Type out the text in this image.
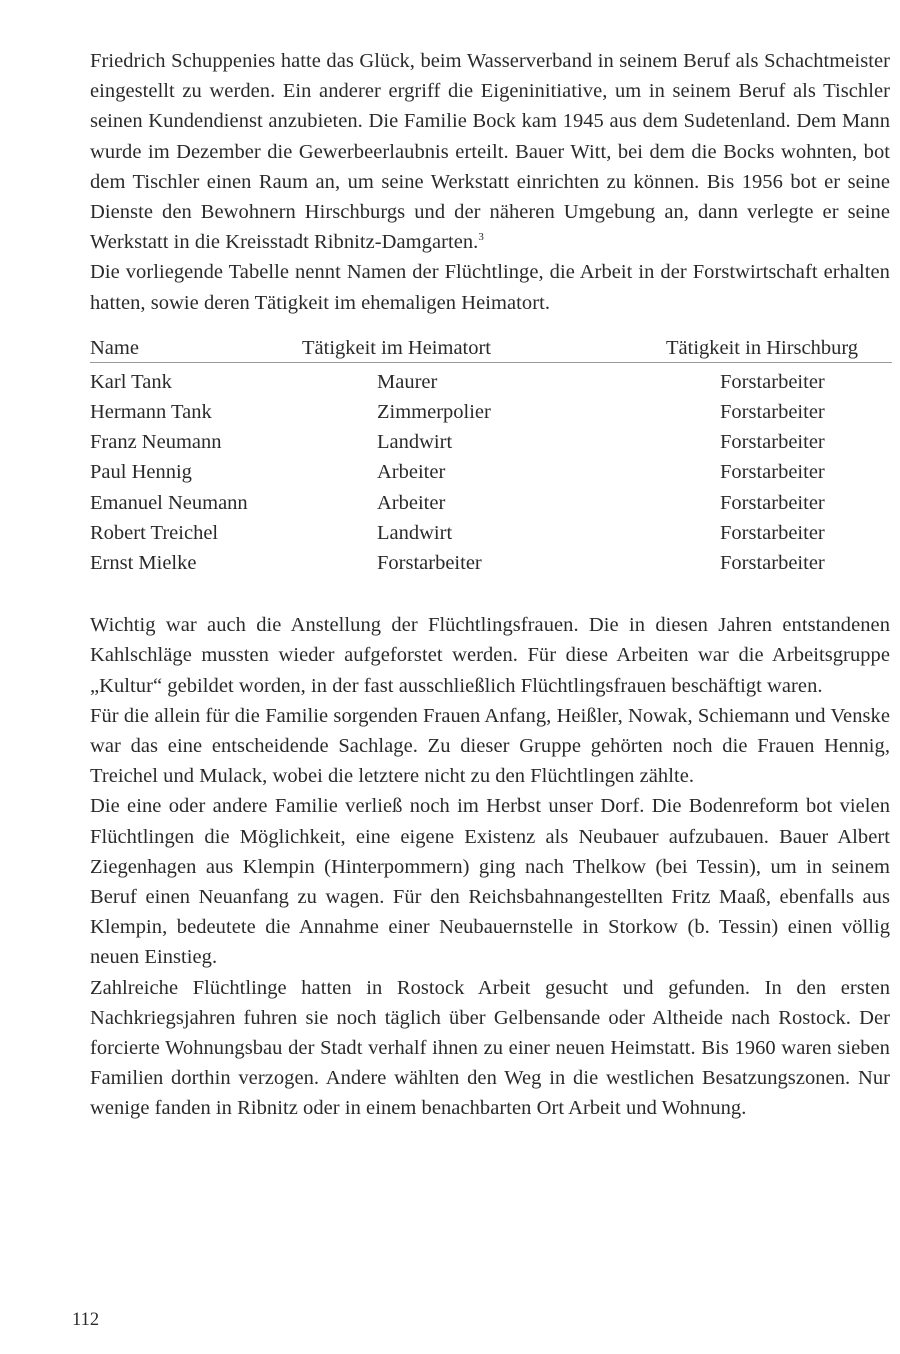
Friedrich Schuppenies hatte das Glück, beim Wasserverband in seinem Beruf als Schachtmeister eingestellt zu werden. Ein anderer ergriff die Eigeninitiative, um in seinem Beruf als Tischler seinen Kundendienst anzubieten. Die Familie Bock kam 1945 aus dem Sudetenland. Dem Mann wurde im Dezember die Gewerbeerlaubnis erteilt. Bauer Witt, bei dem die Bocks wohnten, bot dem Tischler einen Raum an, um seine Werkstatt einrichten zu können. Bis 1956 bot er seine Dienste den Bewohnern Hirschburgs und der näheren Umgebung an, dann verlegte er seine Werkstatt in die Kreisstadt Ribnitz-Damgarten.$^3$

Die vorliegende Tabelle nennt Namen der Flüchtlinge, die Arbeit in der Forstwirtschaft erhalten hatten, sowie deren Tätigkeit im ehemaligen Heimatort.

Name	Tätigkeit im Heimatort	Tätigkeit in Hirschburg
Karl Tank	Maurer	Forstarbeiter
Hermann Tank	Zimmerpolier	Forstarbeiter
Franz Neumann	Landwirt	Forstarbeiter
Paul Hennig	Arbeiter	Forstarbeiter
Emanuel Neumann	Arbeiter	Forstarbeiter
Robert Treichel	Landwirt	Forstarbeiter
Ernst Mielke	Forstarbeiter	Forstarbeiter

Wichtig war auch die Anstellung der Flüchtlingsfrauen. Die in diesen Jahren entstandenen Kahlschläge mussten wieder aufgeforstet werden. Für diese Arbeiten war die Arbeitsgruppe „Kultur“ gebildet worden, in der fast ausschließlich Flüchtlingsfrauen beschäftigt waren.

Für die allein für die Familie sorgenden Frauen Anfang, Heißler, Nowak, Schiemann und Venske war das eine entscheidende Sachlage. Zu dieser Gruppe gehörten noch die Frauen Hennig, Treichel und Mulack, wobei die letztere nicht zu den Flüchtlingen zählte.

Die eine oder andere Familie verließ noch im Herbst unser Dorf. Die Bodenreform bot vielen Flüchtlingen die Möglichkeit, eine eigene Existenz als Neubauer aufzubauen. Bauer Albert Ziegenhagen aus Klempin (Hinterpommern) ging nach Thelkow (bei Tessin), um in seinem Beruf einen Neuanfang zu wagen. Für den Reichsbahnangestellten Fritz Maaß, ebenfalls aus Klempin, bedeutete die Annahme einer Neubauernstelle in Storkow (b. Tessin) einen völlig neuen Einstieg.

Zahlreiche Flüchtlinge hatten in Rostock Arbeit gesucht und gefunden. In den ersten Nachkriegsjahren fuhren sie noch täglich über Gelbensande oder Altheide nach Rostock. Der forcierte Wohnungsbau der Stadt verhalf ihnen zu einer neuen Heimstatt. Bis 1960 waren sieben Familien dorthin verzogen. Andere wählten den Weg in die westlichen Besatzungszonen. Nur wenige fanden in Ribnitz oder in einem benachbarten Ort Arbeit und Wohnung.

112
